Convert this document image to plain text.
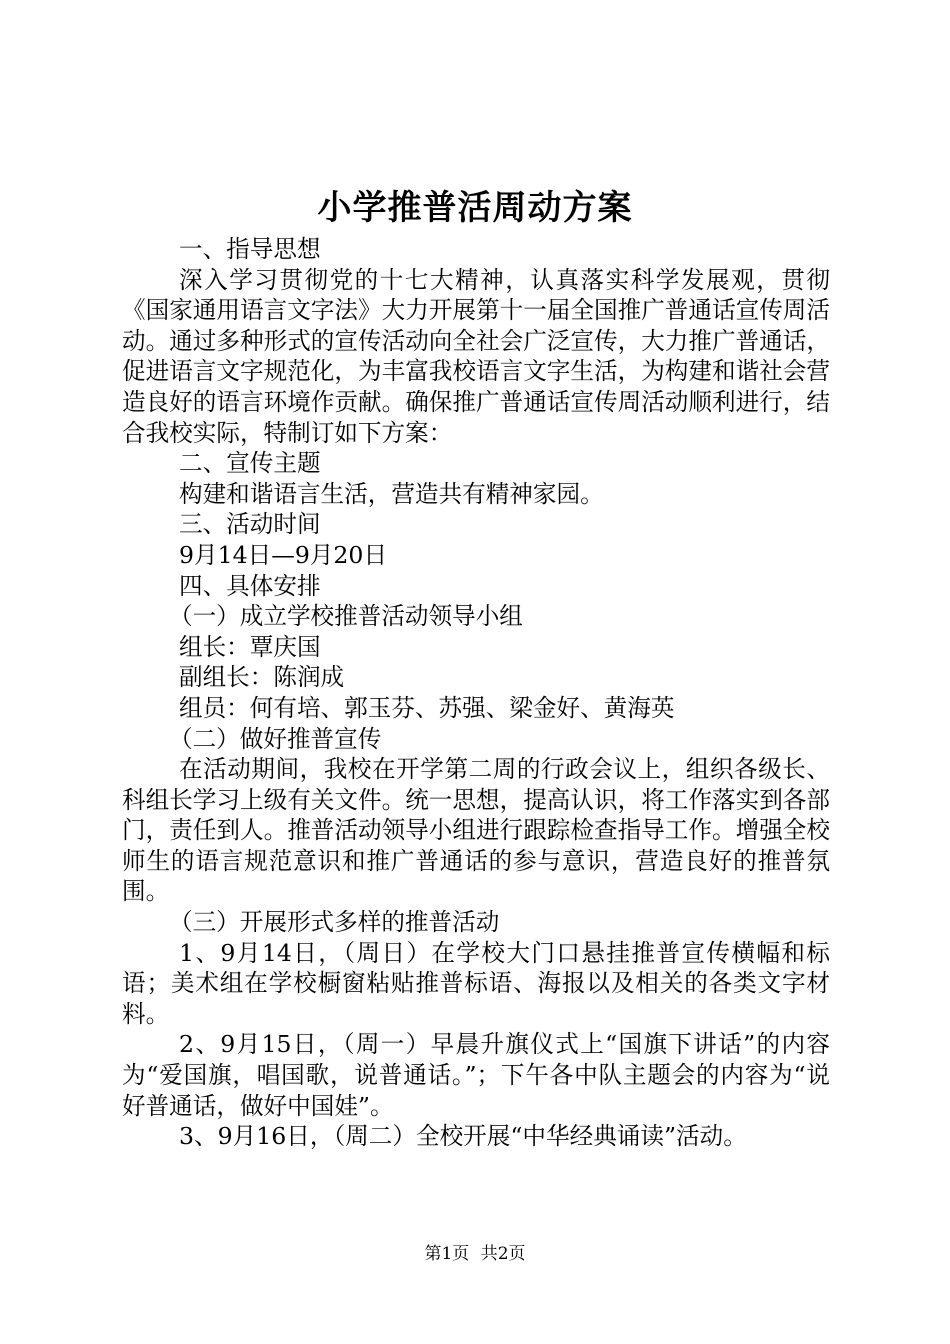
小学推普活周动方案

一、指导思想

深入学习贯彻党的十七大精神，认真落实科学发展观，贯彻《国家通用语言文字法》大力开展第十一届全国推广普通话宣传周活动。通过多种形式的宣传活动向全社会广泛宣传，大力推广普通话，促进语言文字规范化，为丰富我校语言文字生活，为构建和谐社会营造良好的语言环境作贡献。确保推广普通话宣传周活动顺利进行，结合我校实际，特制订如下方案：

二、宣传主题

构建和谐语言生活，营造共有精神家园。

三、活动时间

9月14日—9月20日

四、具体安排

（一）成立学校推普活动领导小组

组长：覃庆国

副组长：陈润成

组员：何有培、郭玉芬、苏强、梁金好、黄海英

（二）做好推普宣传

在活动期间，我校在开学第二周的行政会议上，组织各级长、科组长学习上级有关文件。统一思想，提高认识，将工作落实到各部门，责任到人。推普活动领导小组进行跟踪检查指导工作。增强全校师生的语言规范意识和推广普通话的参与意识，营造良好的推普氛围。

（三）开展形式多样的推普活动

1、9月14日，（周日）在学校大门口悬挂推普宣传横幅和标语；美术组在学校橱窗粘贴推普标语、海报以及相关的各类文字材料。

2、9月15日，（周一）早晨升旗仪式上“国旗下讲话”的内容为“爱国旗，唱国歌，说普通话。”；下午各中队主题会的内容为“说好普通话，做好中国娃”。

3、9月16日，（周二）全校开展“中华经典诵读”活动。

第1页 共2页
